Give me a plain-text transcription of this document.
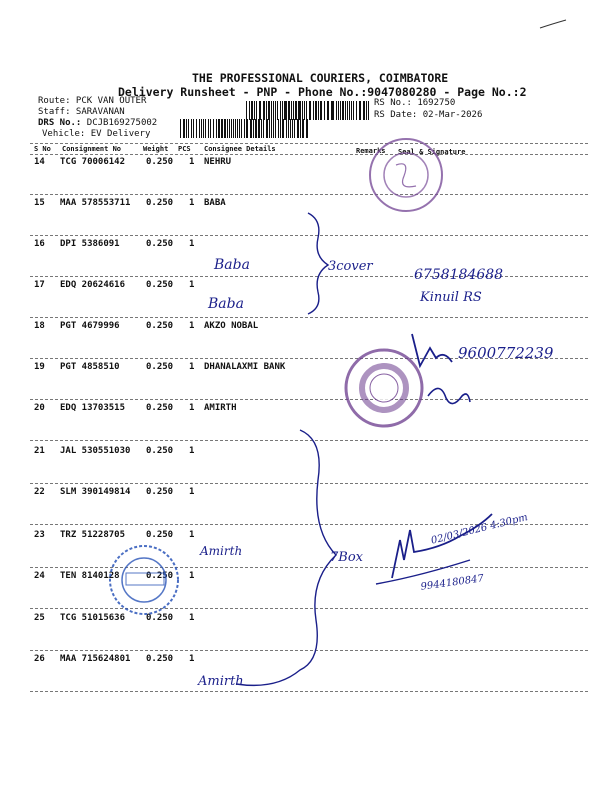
THE PROFESSIONAL COURIERS, COIMBATORE
Delivery Runsheet - PNP - Phone No.:9047080280 - Page No.:2
Route: PCK VAN OUTER
Staff: SARAVANAN
DRS No.: DCJB169275002
Vehicle: EV Delivery
RS No.: 1692750
RS Date: 02-Mar-2026
S No Consignment No	Weight PCS Consignee Details	Remarks Seal & Signature
14 TCG 70006142 0.250 1 NEHRU
15 MAA 578553711 0.250 1 BABA
16 DPI 5386091	0.250 1
17 EDQ 20624616 0.250 1
18 PGT 4679996	0.250 1 AKZO NOBAL
19 PGT 4858510	0.250 1 DHANALAXMI BANK
20 EDQ 13703515 0.250 1 AMIRTH
21 JAL 530551030 0.250 1
22 SLM 390149814 0.250 1
23 TRZ 51228705 0.250 1
24 TEN 8140128	0.250 1
25 TCG 51015636 0.250 1
26 MAA 715624801 0.250 1
Baba
Baba
3cover
6758184688
Kinuil RS
9600772239
Amirth
Amirth
7Box
02/03/2026 4:30pm
9944180847
